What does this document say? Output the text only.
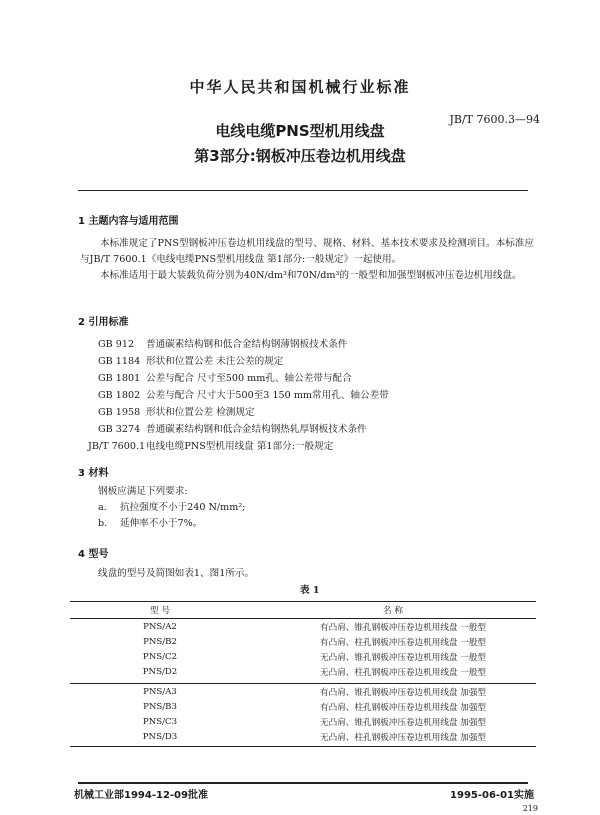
中华人民共和国机械行业标准
JB/T 7600.3—94
电线电缆PNS型机用线盘
第3部分:钢板冲压卷边机用线盘
1 主题内容与适用范围
本标准规定了PNS型钢板冲压卷边机用线盘的型号、规格、材料、基本技术要求及检测项目。本标准应与JB/T 7600.1《电线电缆PNS型机用线盘 第1部分:一般规定》一起使用。
本标准适用于最大装载负荷分别为40N/dm³和70N/dm³的一般型和加强型钢板冲压卷边机用线盘。
2 引用标准
GB 912 普通碳素结构钢和低合金结构钢薄钢板技术条件
GB 1184 形状和位置公差 未注公差的规定
GB 1801 公差与配合 尺寸至500 mm孔、轴公差带与配合
GB 1802 公差与配合 尺寸大于500至3 150 mm常用孔、轴公差带
GB 1958 形状和位置公差 检测规定
GB 3274 普通碳素结构钢和低合金结构钢热轧厚钢板技术条件
JB/T 7600.1电线电缆PNS型机用线盘 第1部分:一般规定
3 材料
钢板应满足下列要求:
a. 抗拉强度不小于240 N/mm²;
b. 延伸率不小于7%。
4 型号
线盘的型号及简图如表1、图1所示。
表 1
型 号	名 称
PNS/A2	有凸肩、锥孔钢板冲压卷边机用线盘 一般型
PNS/B2	有凸肩、柱孔钢板冲压卷边机用线盘 一般型
PNS/C2	无凸肩、锥孔钢板冲压卷边机用线盘 一般型
PNS/D2	无凸肩、柱孔钢板冲压卷边机用线盘 一般型

PNS/A3	有凸肩、锥孔钢板冲压卷边机用线盘 加强型
PNS/B3	有凸肩、柱孔钢板冲压卷边机用线盘 加强型
PNS/C3	无凸肩、锥孔钢板冲压卷边机用线盘 加强型
PNS/D3	无凸肩、柱孔钢板冲压卷边机用线盘 加强型

机械工业部1994-12-09批准	1995-06-01实施
219
